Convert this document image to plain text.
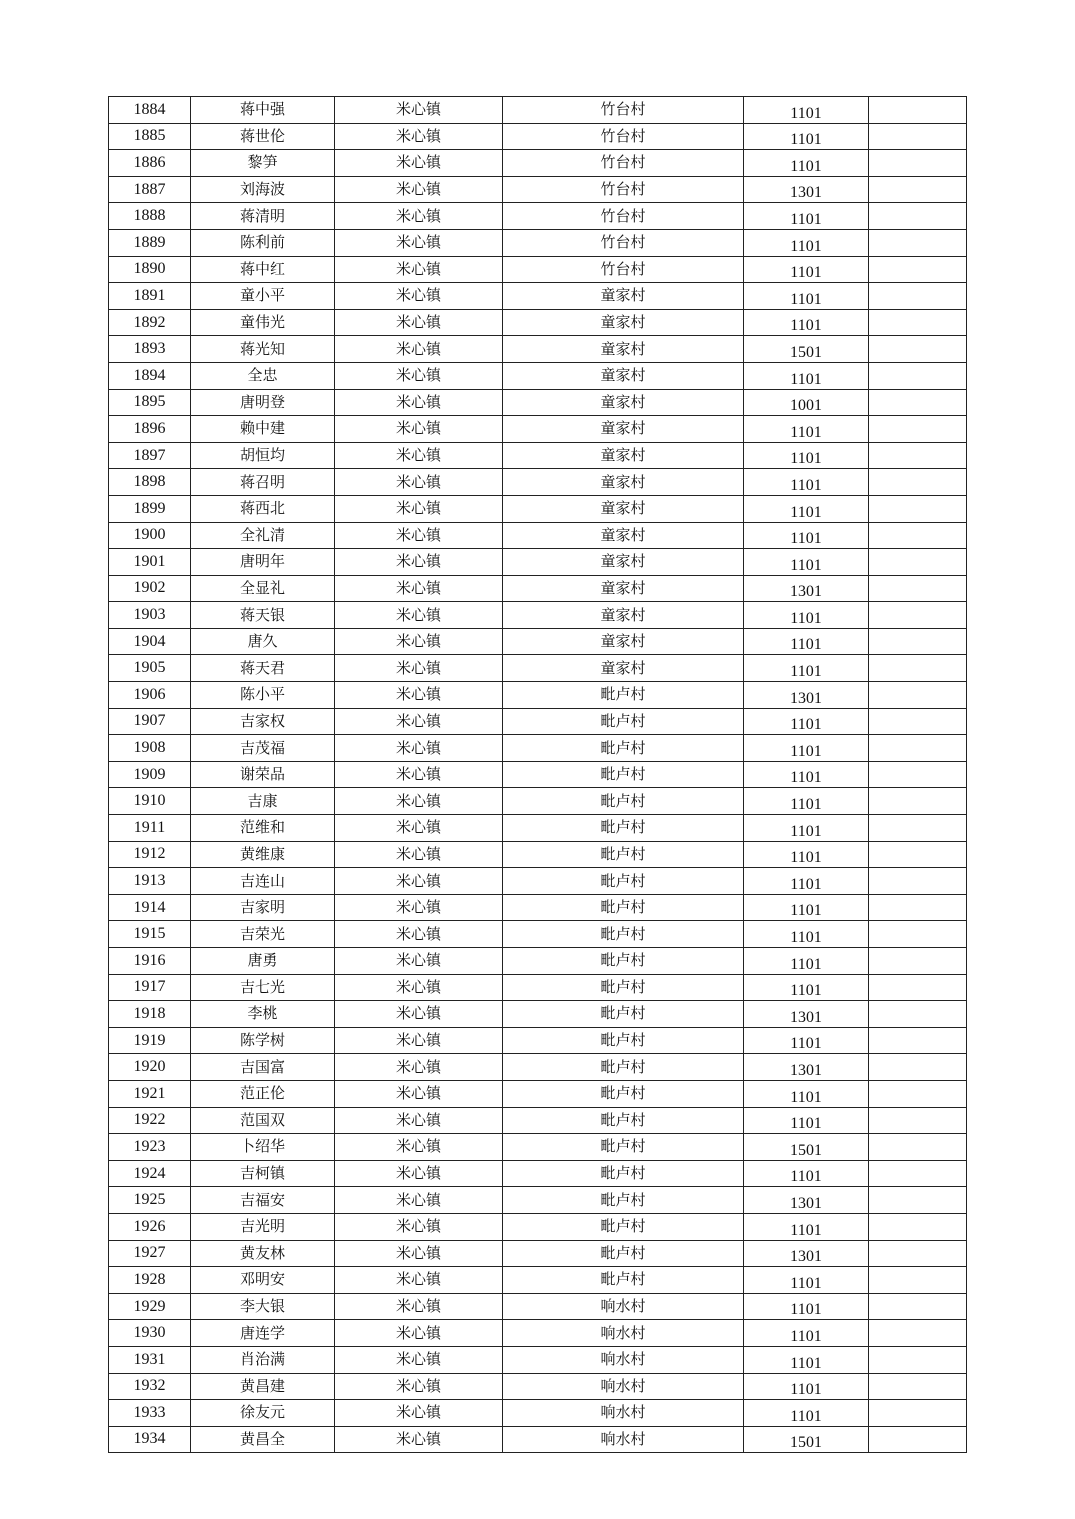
1884	蒋中强	米心镇	竹台村	1101	
1885	蒋世伦	米心镇	竹台村	1101	
1886	黎笋	米心镇	竹台村	1101	
1887	刘海波	米心镇	竹台村	1301	
1888	蒋清明	米心镇	竹台村	1101	
1889	陈利前	米心镇	竹台村	1101	
1890	蒋中红	米心镇	竹台村	1101	
1891	童小平	米心镇	童家村	1101	
1892	童伟光	米心镇	童家村	1101	
1893	蒋光知	米心镇	童家村	1501	
1894	全忠	米心镇	童家村	1101	
1895	唐明登	米心镇	童家村	1001	
1896	赖中建	米心镇	童家村	1101	
1897	胡恒均	米心镇	童家村	1101	
1898	蒋召明	米心镇	童家村	1101	
1899	蒋西北	米心镇	童家村	1101	
1900	全礼清	米心镇	童家村	1101	
1901	唐明年	米心镇	童家村	1101	
1902	全显礼	米心镇	童家村	1301	
1903	蒋天银	米心镇	童家村	1101	
1904	唐久	米心镇	童家村	1101	
1905	蒋天君	米心镇	童家村	1101	
1906	陈小平	米心镇	毗卢村	1301	
1907	吉家权	米心镇	毗卢村	1101	
1908	吉茂福	米心镇	毗卢村	1101	
1909	谢荣品	米心镇	毗卢村	1101	
1910	吉康	米心镇	毗卢村	1101	
1911	范维和	米心镇	毗卢村	1101	
1912	黄维康	米心镇	毗卢村	1101	
1913	吉连山	米心镇	毗卢村	1101	
1914	吉家明	米心镇	毗卢村	1101	
1915	吉荣光	米心镇	毗卢村	1101	
1916	唐勇	米心镇	毗卢村	1101	
1917	吉七光	米心镇	毗卢村	1101	
1918	李桃	米心镇	毗卢村	1301	
1919	陈学树	米心镇	毗卢村	1101	
1920	吉国富	米心镇	毗卢村	1301	
1921	范正伦	米心镇	毗卢村	1101	
1922	范国双	米心镇	毗卢村	1101	
1923	卜绍华	米心镇	毗卢村	1501	
1924	吉柯镇	米心镇	毗卢村	1101	
1925	吉福安	米心镇	毗卢村	1301	
1926	吉光明	米心镇	毗卢村	1101	
1927	黄友林	米心镇	毗卢村	1301	
1928	邓明安	米心镇	毗卢村	1101	
1929	李大银	米心镇	响水村	1101	
1930	唐连学	米心镇	响水村	1101	
1931	肖治满	米心镇	响水村	1101	
1932	黄昌建	米心镇	响水村	1101	
1933	徐友元	米心镇	响水村	1101	
1934	黄昌全	米心镇	响水村	1501	
